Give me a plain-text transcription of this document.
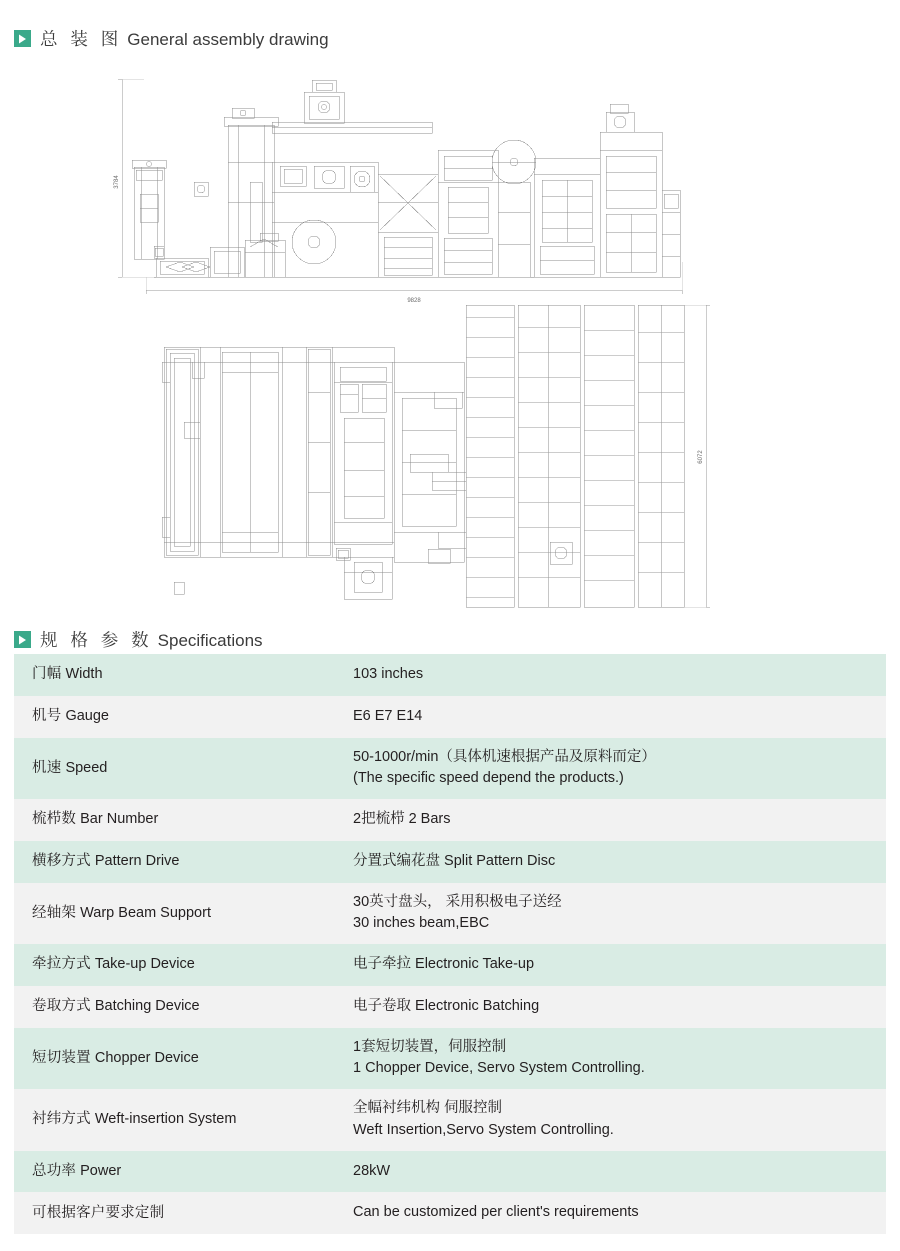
总 装 图 General assembly drawing
3784
9828
6072
规 格 参 数 Specifications
门幅 Width	103 inches
机号 Gauge	E6 E7 E14
机速 Speed	50-1000r/min（具体机速根据产品及原料而定）
(The specific speed depend the products.)

梳栉数 Bar Number	2把梳栉 2 Bars
横移方式 Pattern Drive	分置式编花盘 Split Pattern Disc
经轴架 Warp Beam Support	30英寸盘头， 采用积极电子送经
30 inches beam,EBC

牵拉方式 Take-up Device	电子牵拉 Electronic Take-up
卷取方式 Batching Device	电子卷取 Electronic Batching
短切装置 Chopper Device	1套短切装置，伺服控制
1 Chopper Device, Servo System Controlling.

衬纬方式 Weft-insertion System	全幅衬纬机构 伺服控制
Weft Insertion,Servo System Controlling.

总功率 Power	28kW
可根据客户要求定制	Can be customized per client's requirements
